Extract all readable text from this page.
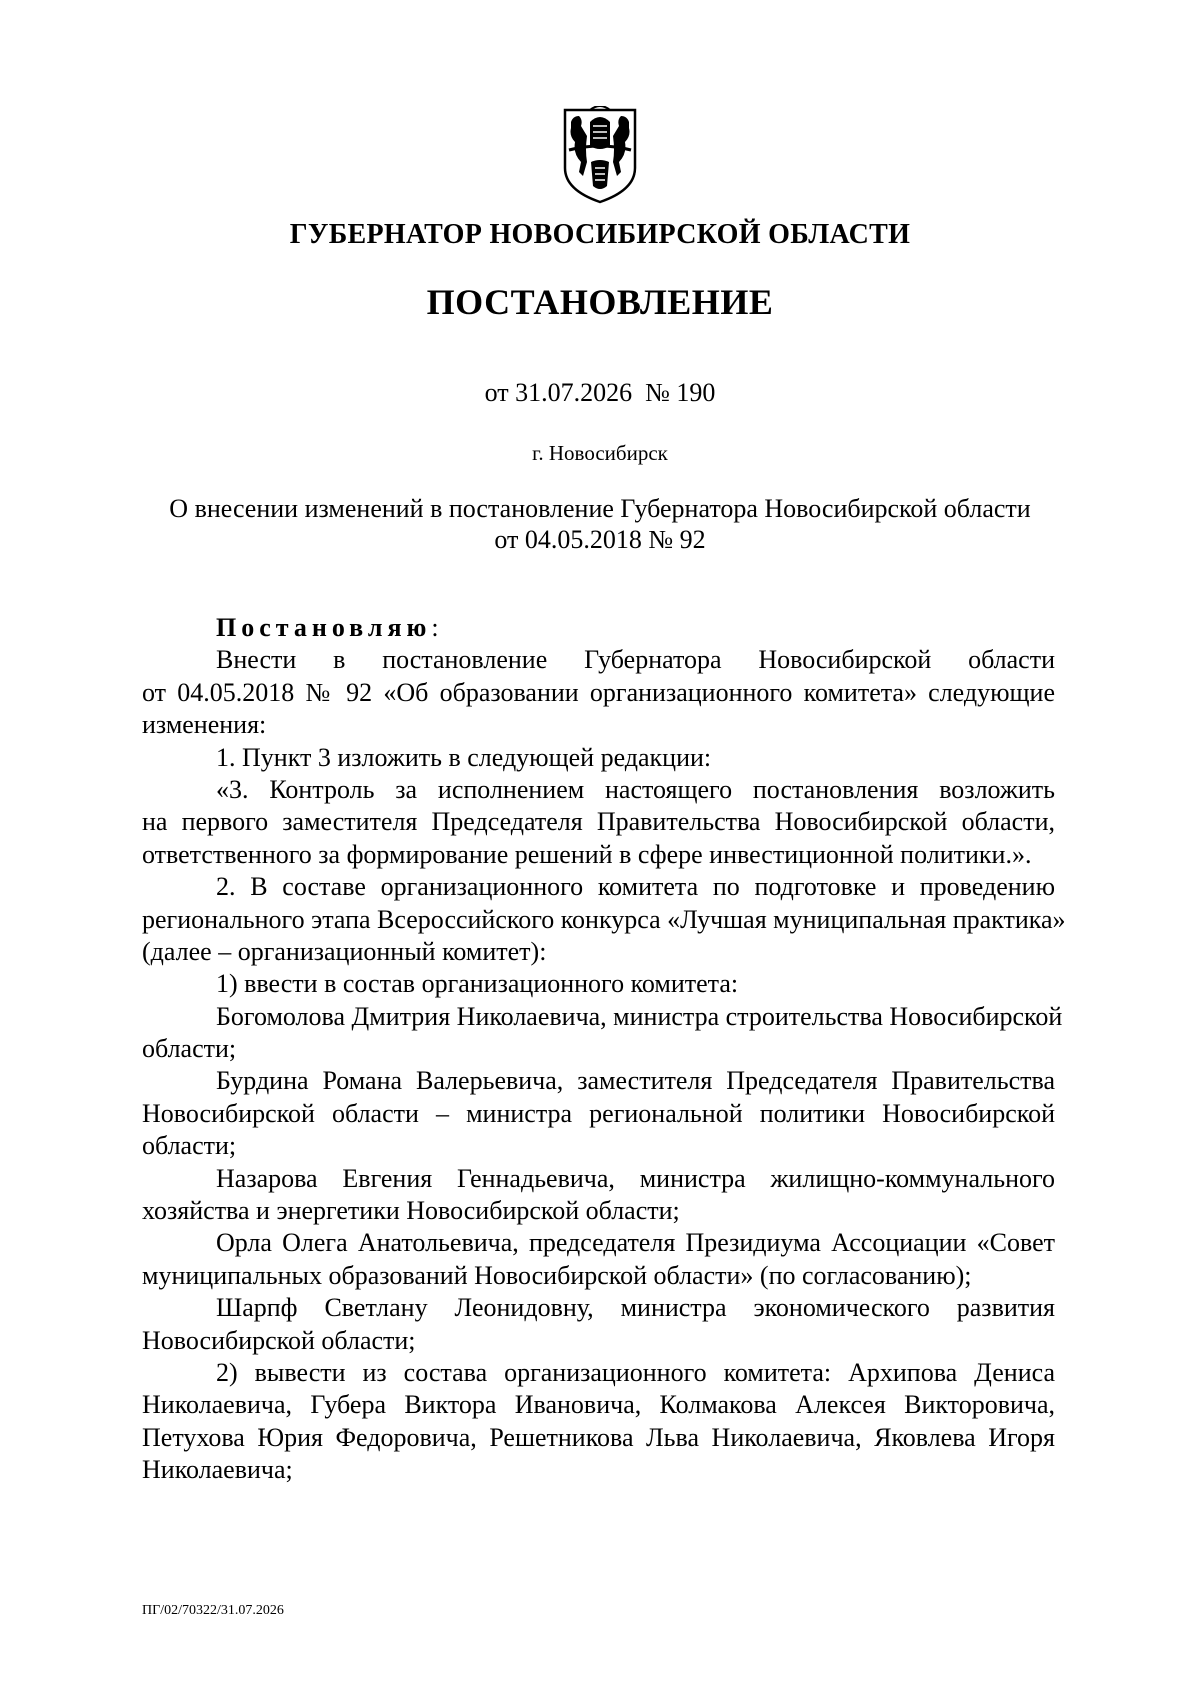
ГУБЕРНАТОР НОВОСИБИРСКОЙ ОБЛАСТИ
ПОСТАНОВЛЕНИЕ
от 31.07.2026  № 190
г. Новосибирск
О внесении изменений в постановление Губернатора Новосибирской области
от 04.05.2018 № 92
Постановляю:
Внести в постановление Губернатора Новосибирской области
от 04.05.2018 № 92 «Об образовании организационного комитета» следующие
изменения:
1. Пункт 3 изложить в следующей редакции:
«3. Контроль за исполнением настоящего постановления возложить
на первого заместителя Председателя Правительства Новосибирской области,
ответственного за формирование решений в сфере инвестиционной политики.».
2. В составе организационного комитета по подготовке и проведению
регионального этапа Всероссийского конкурса «Лучшая муниципальная практика»
(далее – организационный комитет):
1) ввести в состав организационного комитета:
Богомолова Дмитрия Николаевича, министра строительства Новосибирской
области;
Бурдина Романа Валерьевича, заместителя Председателя Правительства
Новосибирской области – министра региональной политики Новосибирской
области;
Назарова Евгения Геннадьевича, министра жилищно-коммунального
хозяйства и энергетики Новосибирской области;
Орла Олега Анатольевича, председателя Президиума Ассоциации «Совет
муниципальных образований Новосибирской области» (по согласованию);
Шарпф Светлану Леонидовну, министра экономического развития
Новосибирской области;
2) вывести из состава организационного комитета: Архипова Дениса
Николаевича, Губера Виктора Ивановича, Колмакова Алексея Викторовича,
Петухова Юрия Федоровича, Решетникова Льва Николаевича, Яковлева Игоря
Николаевича;
ПГ/02/70322/31.07.2026
